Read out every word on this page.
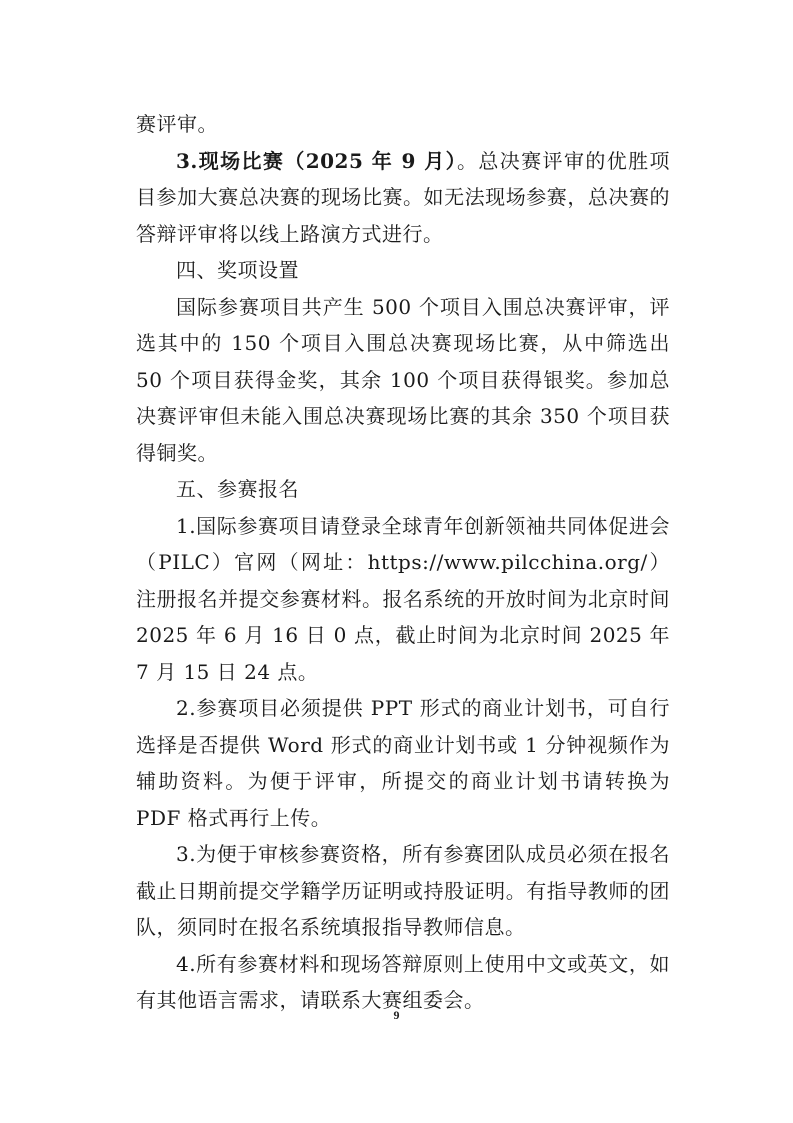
赛评审。

3.现场比赛（2025 年 9 月）。总决赛评审的优胜项目参加大赛总决赛的现场比赛。如无法现场参赛，总决赛的答辩评审将以线上路演方式进行。

四、奖项设置

国际参赛项目共产生 500 个项目入围总决赛评审，评选其中的 150 个项目入围总决赛现场比赛，从中筛选出 50 个项目获得金奖，其余 100 个项目获得银奖。参加总决赛评审但未能入围总决赛现场比赛的其余 350 个项目获得铜奖。

五、参赛报名

1.国际参赛项目请登录全球青年创新领袖共同体促进会（PILC）官网（网址：https://www.pilcchina.org/）注册报名并提交参赛材料。报名系统的开放时间为北京时间 2025 年 6 月 16 日 0 点，截止时间为北京时间 2025 年 7 月 15 日 24 点。

2.参赛项目必须提供 PPT 形式的商业计划书，可自行选择是否提供 Word 形式的商业计划书或 1 分钟视频作为辅助资料。为便于评审，所提交的商业计划书请转换为 PDF 格式再行上传。

3.为便于审核参赛资格，所有参赛团队成员必须在报名截止日期前提交学籍学历证明或持股证明。有指导教师的团队，须同时在报名系统填报指导教师信息。

4.所有参赛材料和现场答辩原则上使用中文或英文，如有其他语言需求，请联系大赛组委会。

9
